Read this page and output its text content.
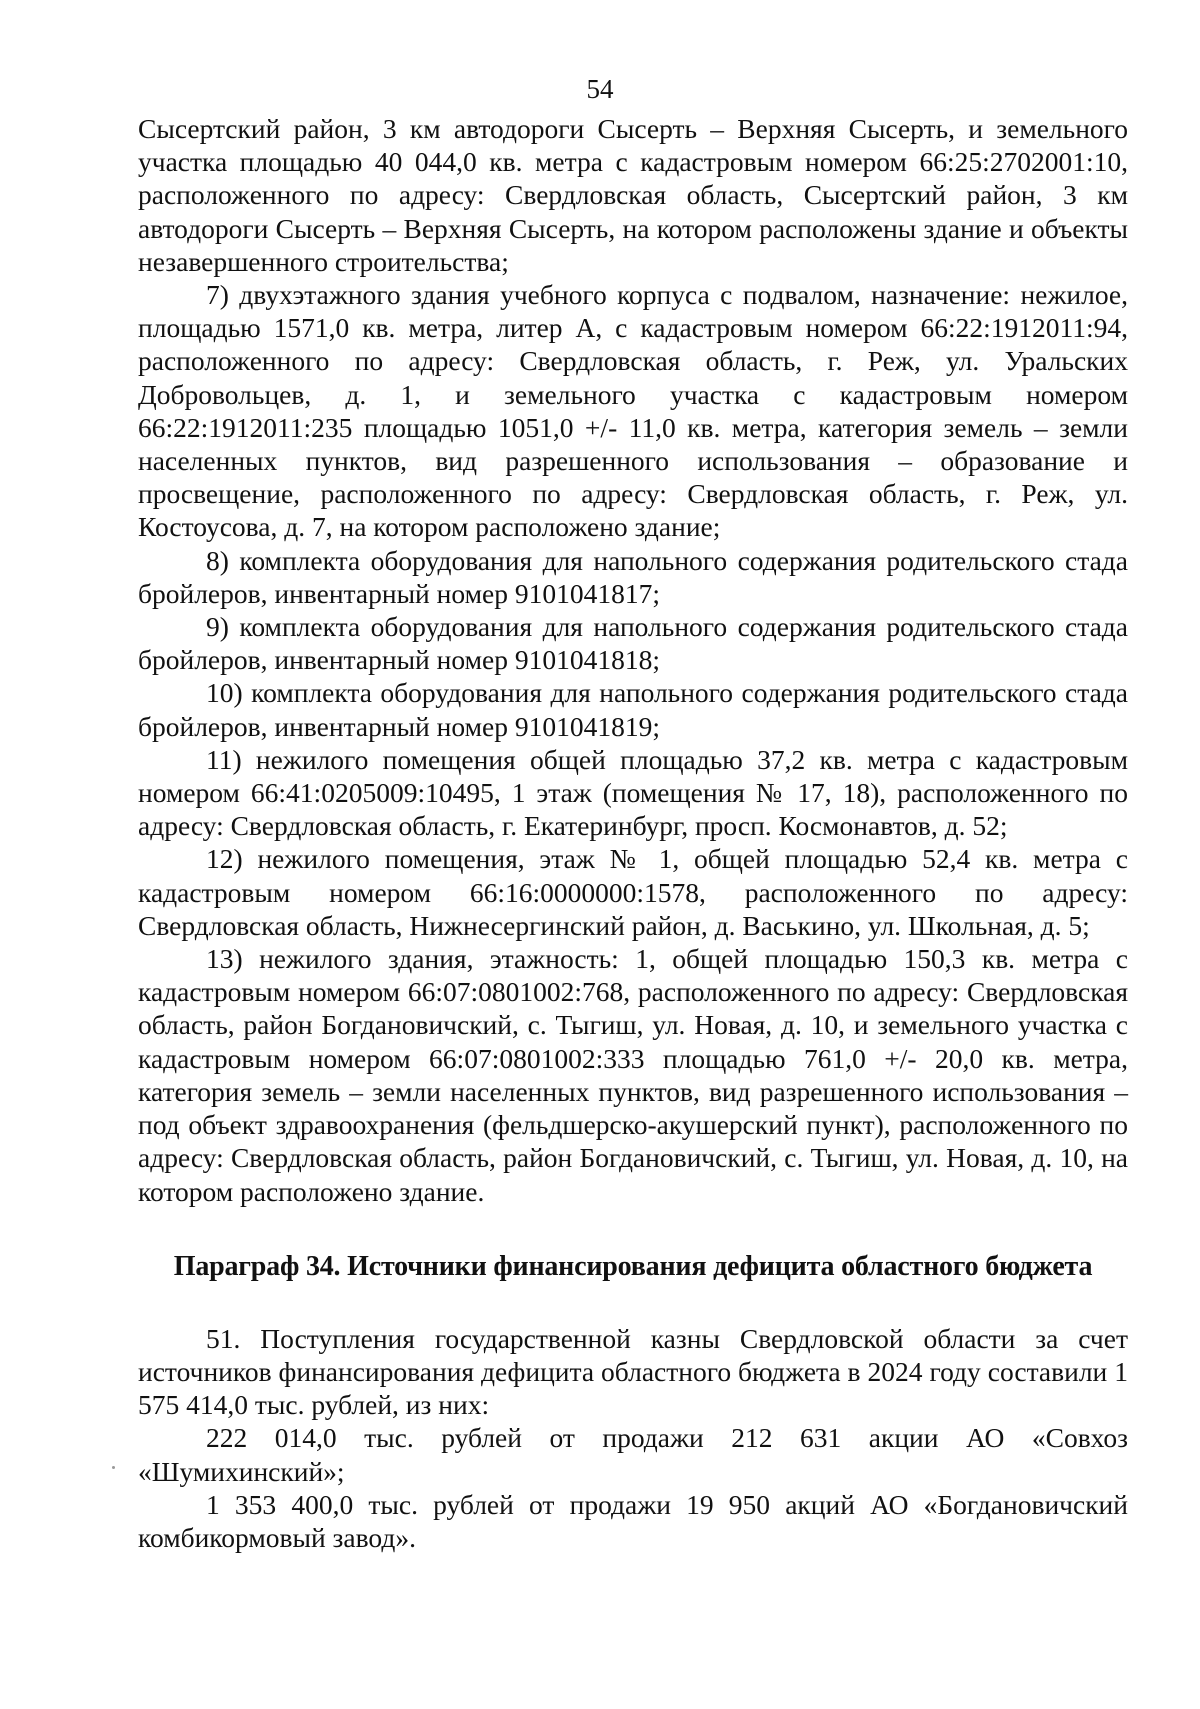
54

Сысертский район, 3 км автодороги Сысерть – Верхняя Сысерть, и земельного участка площадью 40 044,0 кв. метра с кадастровым номером 66:25:2702001:10, расположенного по адресу: Свердловская область, Сысертский район, 3 км автодороги Сысерть – Верхняя Сысерть, на котором расположены здание и объекты незавершенного строительства;

7) двухэтажного здания учебного корпуса с подвалом, назначение: нежилое, площадью 1571,0 кв. метра, литер А, с кадастровым номером 66:22:1912011:94, расположенного по адресу: Свердловская область, г. Реж, ул. Уральских Добровольцев, д. 1, и земельного участка с кадастровым номером 66:22:1912011:235 площадью 1051,0 +/- 11,0 кв. метра, категория земель – земли населенных пунктов, вид разрешенного использования – образование и просвещение, расположенного по адресу: Свердловская область, г. Реж, ул. Костоусова, д. 7, на котором расположено здание;

8) комплекта оборудования для напольного содержания родительского стада бройлеров, инвентарный номер 9101041817;

9) комплекта оборудования для напольного содержания родительского стада бройлеров, инвентарный номер 9101041818;

10) комплекта оборудования для напольного содержания родительского стада бройлеров, инвентарный номер 9101041819;

11) нежилого помещения общей площадью 37,2 кв. метра с кадастровым номером 66:41:0205009:10495, 1 этаж (помещения № 17, 18), расположенного по адресу: Свердловская область, г. Екатеринбург, просп. Космонавтов, д. 52;

12) нежилого помещения, этаж № 1, общей площадью 52,4 кв. метра с кадастровым номером 66:16:0000000:1578, расположенного по адресу: Свердловская область, Нижнесергинский район, д. Васькино, ул. Школьная, д. 5;

13) нежилого здания, этажность: 1, общей площадью 150,3 кв. метра с кадастровым номером 66:07:0801002:768, расположенного по адресу: Свердловская область, район Богдановичский, с. Тыгиш, ул. Новая, д. 10, и земельного участка с кадастровым номером 66:07:0801002:333 площадью 761,0 +/- 20,0 кв. метра, категория земель – земли населенных пунктов, вид разрешенного использования – под объект здравоохранения (фельдшерско-акушерский пункт), расположенного по адресу: Свердловская область, район Богдановичский, с. Тыгиш, ул. Новая, д. 10, на котором расположено здание.

Параграф 34. Источники финансирования дефицита областного бюджета

51. Поступления государственной казны Свердловской области за счет источников финансирования дефицита областного бюджета в 2024 году составили 1 575 414,0 тыс. рублей, из них:

222 014,0 тыс. рублей от продажи 212 631 акции АО «Совхоз «Шумихинский»;

1 353 400,0 тыс. рублей от продажи 19 950 акций АО «Богдановичский комбикормовый завод».
